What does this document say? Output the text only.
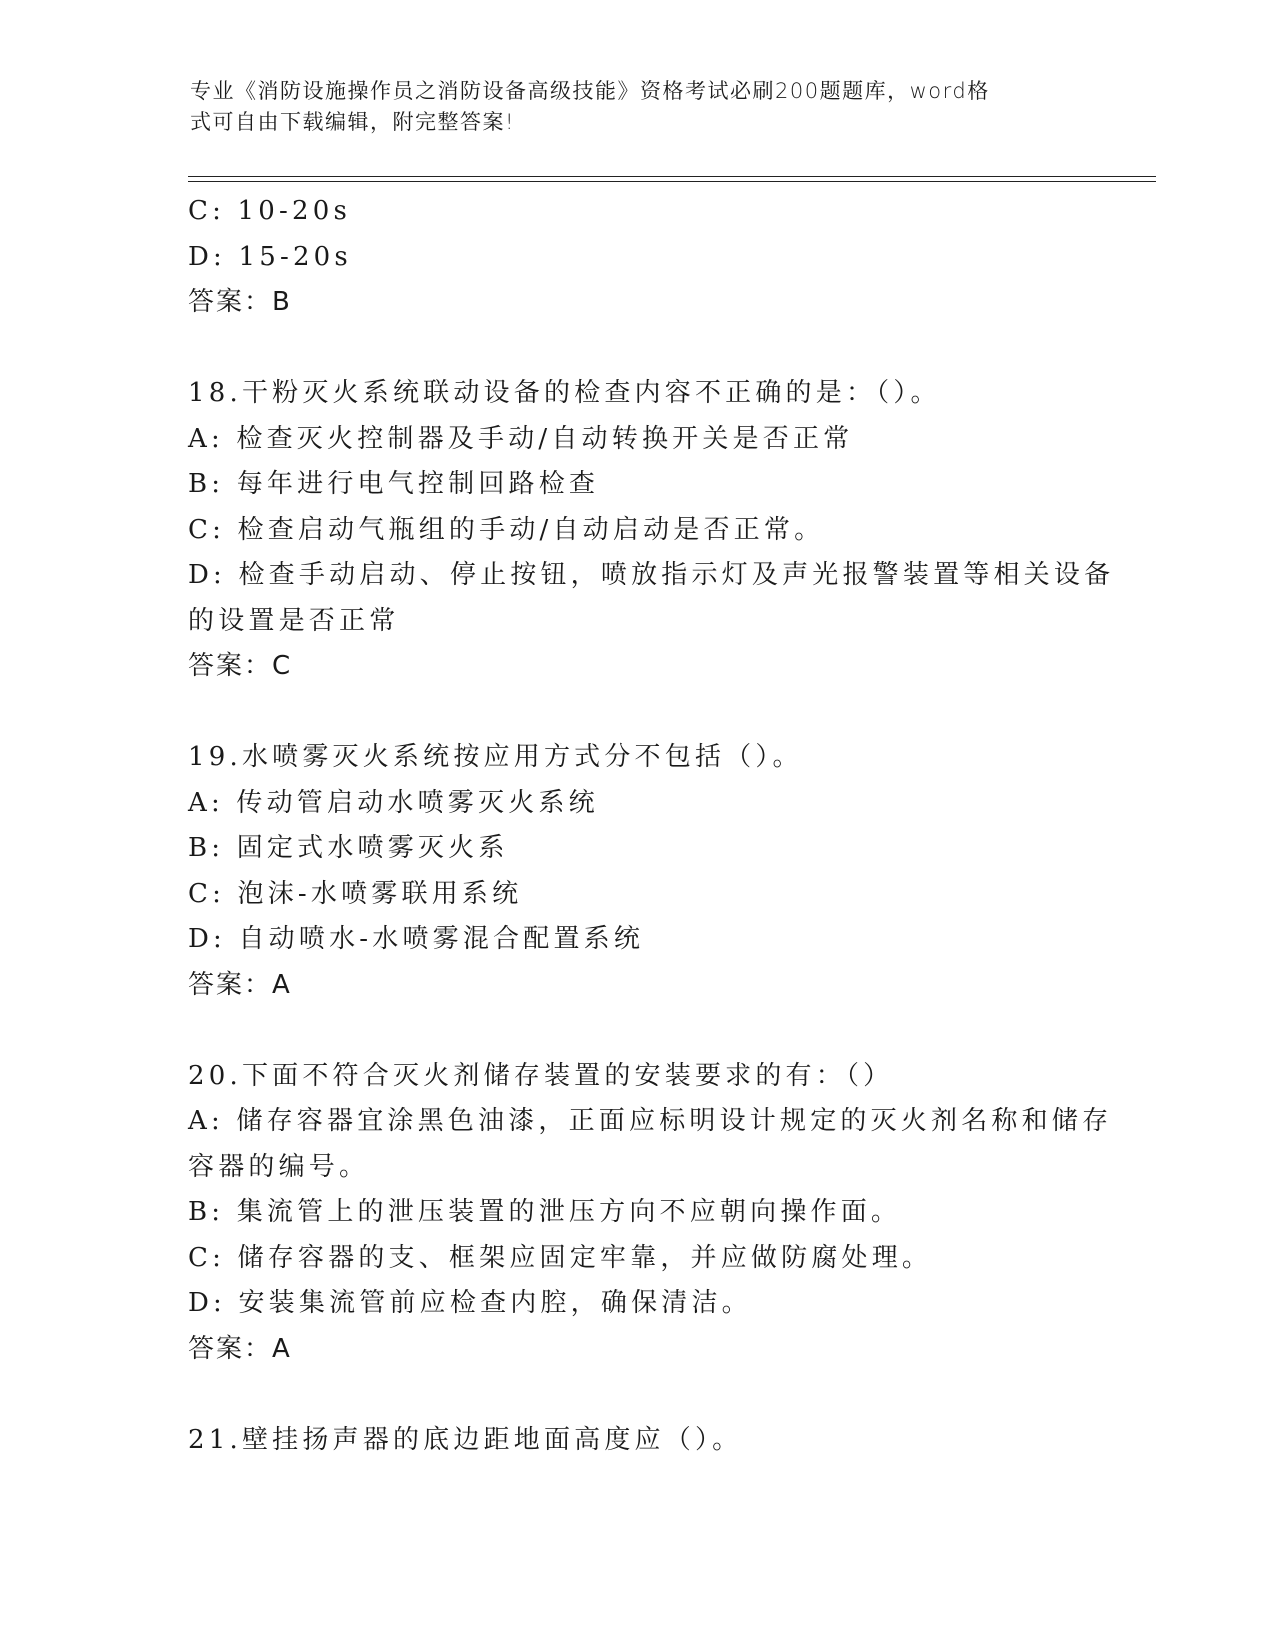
专业《消防设施操作员之消防设备高级技能》资格考试必刷200题题库，word格
式可自由下载编辑，附完整答案!
C: 10-20s
D: 15-20s
答案：B
18.干粉灭火系统联动设备的检查内容不正确的是：（）。
A: 检查灭火控制器及手动/自动转换开关是否正常
B: 每年进行电气控制回路检查
C: 检查启动气瓶组的手动/自动启动是否正常。
D: 检查手动启动、停止按钮，喷放指示灯及声光报警装置等相关设备
的设置是否正常
答案：C
19.水喷雾灭火系统按应用方式分不包括（）。
A: 传动管启动水喷雾灭火系统
B: 固定式水喷雾灭火系
C: 泡沫-水喷雾联用系统
D: 自动喷水-水喷雾混合配置系统
答案：A
20.下面不符合灭火剂储存装置的安装要求的有：（）
A: 储存容器宜涂黑色油漆，正面应标明设计规定的灭火剂名称和储存
容器的编号。
B: 集流管上的泄压装置的泄压方向不应朝向操作面。
C: 储存容器的支、框架应固定牢靠，并应做防腐处理。
D: 安装集流管前应检查内腔，确保清洁。
答案：A
21.壁挂扬声器的底边距地面高度应（）。
